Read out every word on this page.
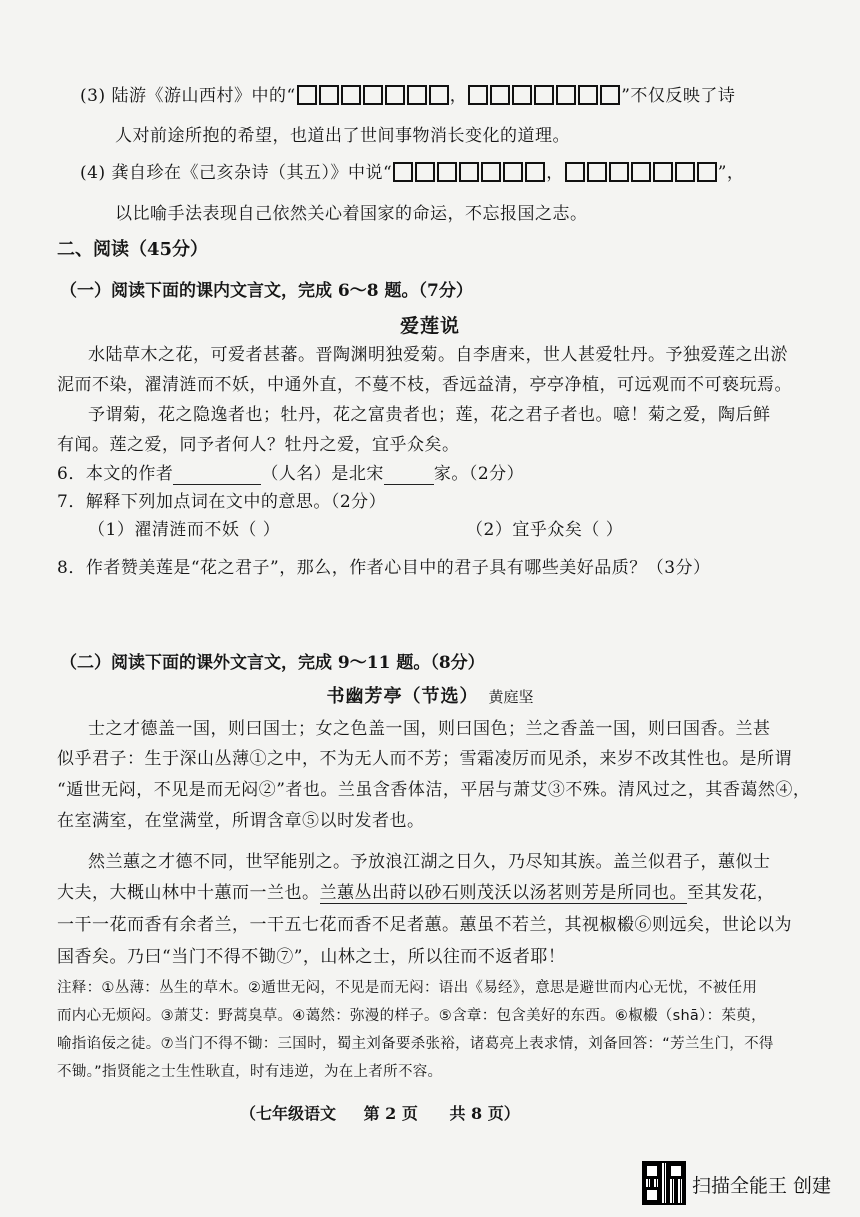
(3) 陆游《游山西村》中的“	，	”不仅反映了诗
人对前途所抱的希望，也道出了世间事物消长变化的道理。
(4) 龚自珍在《己亥杂诗（其五）》中说“	，	”，
以比喻手法表现自己依然关心着国家的命运，不忘报国之志。
二、阅读（45分）
（一）阅读下面的课内文言文，完成 6～8 题。（7分）
爱莲说
水陆草木之花，可爱者甚蕃。晋陶渊明独爱菊。自李唐来，世人甚爱牡丹。予独爱莲之出淤
泥而不染，濯清涟而不妖，中通外直，不蔓不枝，香远益清，亭亭净植，可远观而不可亵玩焉。
予谓菊，花之隐逸者也；牡丹，花之富贵者也；莲，花之君子者也。噫！菊之爱，陶后鲜
有闻。莲之爱，同予者何人？牡丹之爱，宜乎众矣。
6．本文的作者	（人名）是北宋	家。（2分）
7．解释下列加点词在文中的意思。（2分）
（1）濯清涟而不妖（ ）	（2）宜乎众矣（ ）
8．作者赞美莲是“花之君子”，那么，作者心目中的君子具有哪些美好品质？（3分）
（二）阅读下面的课外文言文，完成 9～11 题。（8分）
书幽芳亭（节选） 黄庭坚
士之才德盖一国，则曰国士；女之色盖一国，则曰国色；兰之香盖一国，则曰国香。兰甚
似乎君子：生于深山丛薄①之中，不为无人而不芳；雪霜凌厉而见杀，来岁不改其性也。是所谓
“遁世无闷，不见是而无闷②”者也。兰虽含香体洁，平居与萧艾③不殊。清风过之，其香蔼然④，
在室满室，在堂满堂，所谓含章⑤以时发者也。
然兰蕙之才德不同，世罕能别之。予放浪江湖之日久，乃尽知其族。盖兰似君子，蕙似士
大夫，大概山林中十蕙而一兰也。兰蕙丛出莳以砂石则茂沃以汤茗则芳是所同也。至其发花，
一干一花而香有余者兰，一干五七花而香不足者蕙。蕙虽不若兰，其视椒榝⑥则远矣，世论以为
国香矣。乃曰“当门不得不锄⑦”，山林之士，所以往而不返者耶！
注释：①丛薄：丛生的草木。②遁世无闷，不见是而无闷：语出《易经》，意思是避世而内心无忧，不被任用
而内心无烦闷。③萧艾：野蒿臭草。④蔼然：弥漫的样子。⑤含章：包含美好的东西。⑥椒榝（shā）：茱萸，
喻指谄佞之徒。⑦当门不得不锄：三国时，蜀主刘备要杀张裕，诸葛亮上表求情，刘备回答：“芳兰生门，不得
不锄。”指贤能之士生性耿直，时有违逆，为在上者所不容。
（七年级语文 第 2 页 共 8 页）
扫描全能王 创建
